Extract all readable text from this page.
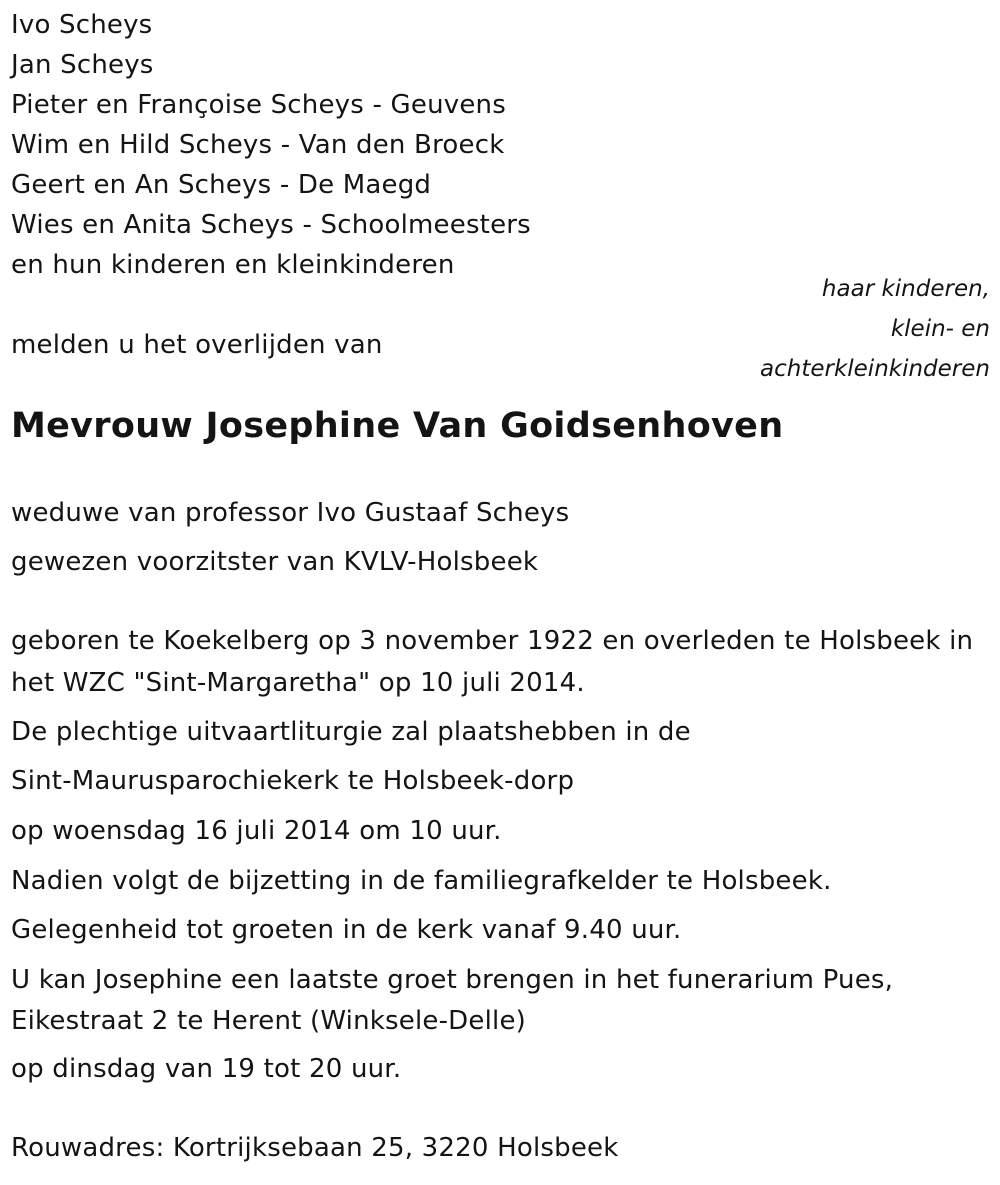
Ivo Scheys
Jan Scheys
Pieter en Françoise Scheys - Geuvens
Wim en Hild Scheys - Van den Broeck
Geert en An Scheys - De Maegd
Wies en Anita Scheys - Schoolmeesters
en hun kinderen en kleinkinderen
haar kinderen,
klein- en
achterkleinkinderen
melden u het overlijden van
Mevrouw Josephine Van Goidsenhoven
weduwe van professor Ivo Gustaaf Scheys
gewezen voorzitster van KVLV-Holsbeek
geboren te Koekelberg op 3 november 1922 en overleden te Holsbeek in
het WZC "Sint-Margaretha" op 10 juli 2014.
De plechtige uitvaartliturgie zal plaatshebben in de
Sint-Maurusparochiekerk te Holsbeek-dorp
op woensdag 16 juli 2014 om 10 uur.
Nadien volgt de bijzetting in de familiegrafkelder te Holsbeek.
Gelegenheid tot groeten in de kerk vanaf 9.40 uur.
U kan Josephine een laatste groet brengen in het funerarium Pues,
Eikestraat 2 te Herent (Winksele-Delle)
op dinsdag van 19 tot 20 uur.
Rouwadres: Kortrijksebaan 25, 3220 Holsbeek
